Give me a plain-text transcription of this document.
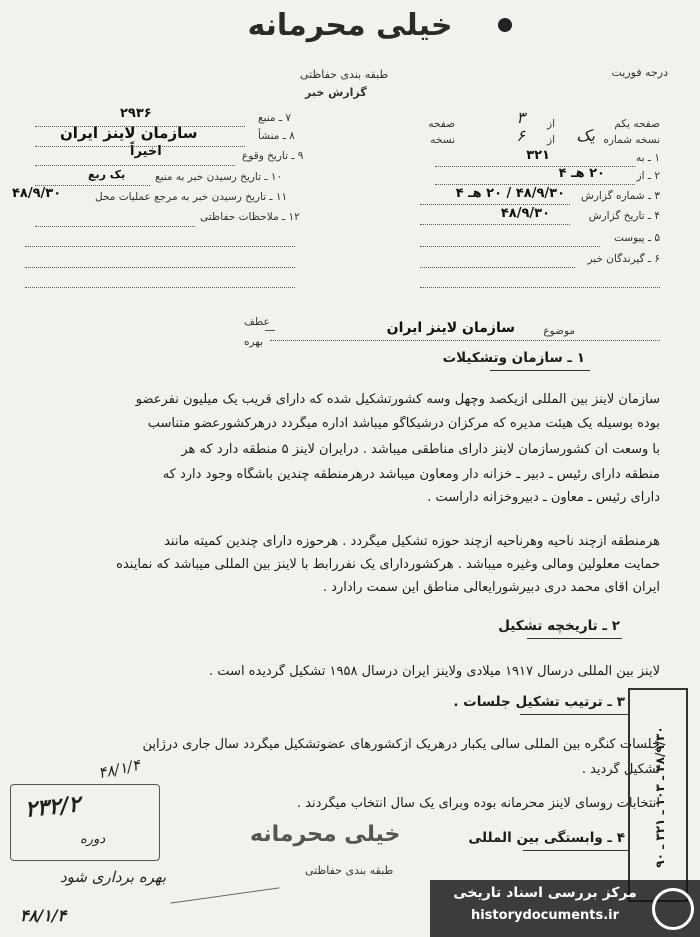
خیلی محرمانه
طبقه بندی حفاظتی
گزارش خبر
درجه فوریت
صفحه یکم
از
۳
صفحه
نسخه شماره
یک
از
۶
نسخه
۱ ـ به
۳۲۱
۲ ـ از
۲۰ هـ ۴
۳ ـ شماره گزارش
۴۸/۹/۳۰ / ۲۰ هـ ۴
۴ ـ تاریخ گزارش
۴۸/۹/۳۰
۵ ـ پیوست
۶ ـ گیرندگان خبر
۷ ـ منبع
۲۹۳۶
۸ ـ منشأ
سازمان لاینز ایران
۹ ـ تاریخ وقوع
اخیراً
۱۰ ـ تاریخ رسیدن خبر به منبع
یک ربع
۱۱ ـ تاریخ رسیدن خبر به مرجع عملیات محل
۴۸/۹/۳۰
۱۲ ـ ملاحظات حفاظتی
عطف
بهره
موضوع
سازمان لاینز ایران
۱ ـ سازمان وتشکیلات
سازمان لاینز بین المللی ازیکصد وچهل وسه کشورتشکیل شده که دارای قریب یک میلیون نفرعضو
بوده بوسیله یک هیئت مدیره که مرکزآن درشیکاگو میباشد اداره میگردد درهرکشورعضو متناسب
با وسعت آن کشورسازمان لاینز دارای مناطقی میباشد . درایران لاینز ۵ منطقه دارد که هر
منطقه دارای رئیس ـ دبیر ـ خزانه دار ومعاون میباشد درهرمنطقه چندین باشگاه وجود دارد که
دارای رئیس ـ معاون ـ دبیروخزانه داراست .
هرمنطقه ازچند ناحیه وهرناحیه ازچند حوزه تشکیل میگردد . هرحوزه دارای چندین کمیته مانند
حمایت معلولین ومالی وغیره میباشد . هرکشوردارای یک نفررابط با لاینز بین المللی میباشد که نماینده
ایران آقای محمد دری دبیرشورایعالی مناطق این سمت رادارد .
۲ ـ تاریخچه تشکیل
لاینز بین المللی درسال ۱۹۱۷ میلادی ولاینز ایران درسال ۱۹۵۸ تشکیل گردیده است .
۳ ـ ترتیب تشکیل جلسات .
جلسات کنگره بین المللی سالی یکبار درهریک ازکشورهای عضوتشکیل میگردد سال جاری درژاپن
تشکیل گردید .
انتخابات روسای لاینز محرمانه بوده وبرای یک سال انتخاب میگردند .
۴ ـ وابستگی بین المللی
خیلی محرمانه
طبقه بندی حفاظتی
۴۸/۹/۳۰ ـ ۱۰۳ ـ ۳۲۱ ـ ۹۰
۴۸/۱/۴
۲۳۲/۲
دوره
بهره برداری شود
۴۸/۱/۴
مرکز بررسی اسناد تاریخی
historydocuments.ir
